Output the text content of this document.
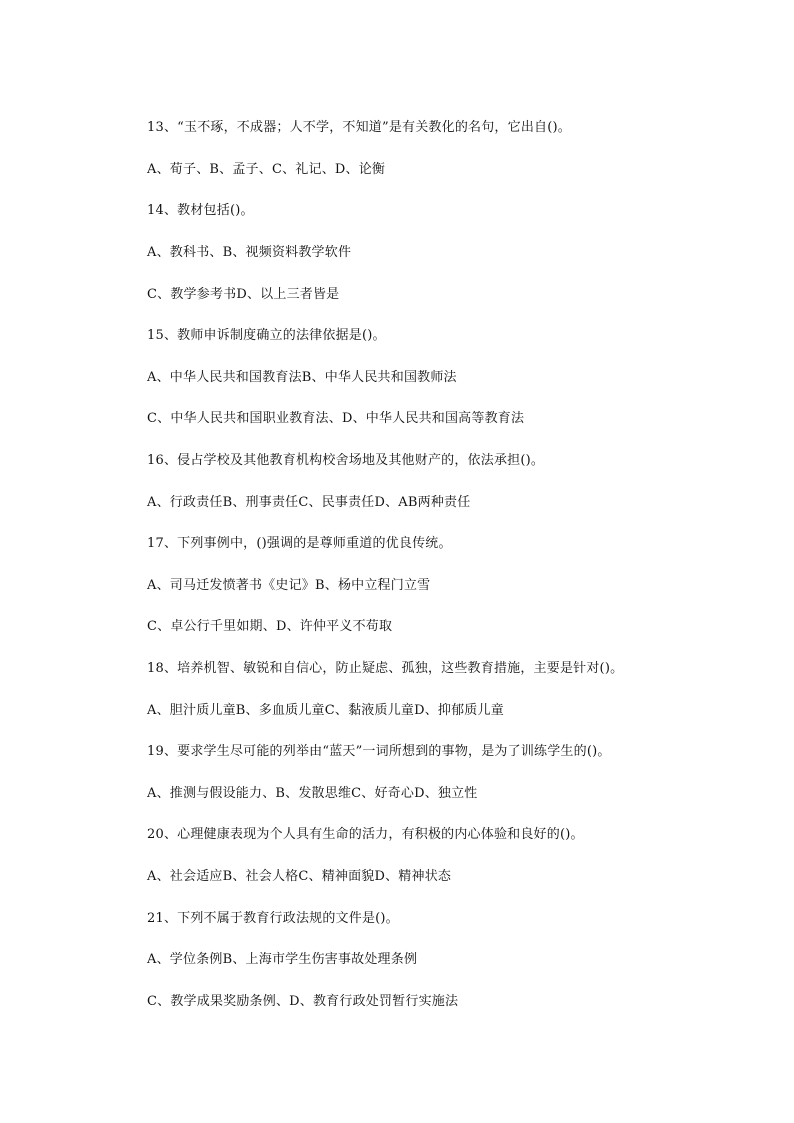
13、“玉不琢，不成器；人不学，不知道”是有关教化的名句，它出自()。
A、荀子、B、孟子、C、礼记、D、论衡
14、教材包括()。
A、教科书、B、视频资料教学软件
C、教学参考书D、以上三者皆是
15、教师申诉制度确立的法律依据是()。
A、中华人民共和国教育法B、中华人民共和国教师法
C、中华人民共和国职业教育法、D、中华人民共和国高等教育法
16、侵占学校及其他教育机构校舍场地及其他财产的，依法承担()。
A、行政责任B、刑事责任C、民事责任D、AB两种责任
17、下列事例中，()强调的是尊师重道的优良传统。
A、司马迁发愤著书《史记》B、杨中立程门立雪
C、卓公行千里如期、D、许仲平义不苟取
18、培养机智、敏锐和自信心，防止疑虑、孤独，这些教育措施，主要是针对()。
A、胆汁质儿童B、多血质儿童C、黏液质儿童D、抑郁质儿童
19、要求学生尽可能的列举由“蓝天”一词所想到的事物，是为了训练学生的()。
A、推测与假设能力、B、发散思维C、好奇心D、独立性
20、心理健康表现为个人具有生命的活力，有积极的内心体验和良好的()。
A、社会适应B、社会人格C、精神面貌D、精神状态
21、下列不属于教育行政法规的文件是()。
A、学位条例B、上海市学生伤害事故处理条例
C、教学成果奖励条例、D、教育行政处罚暂行实施法
